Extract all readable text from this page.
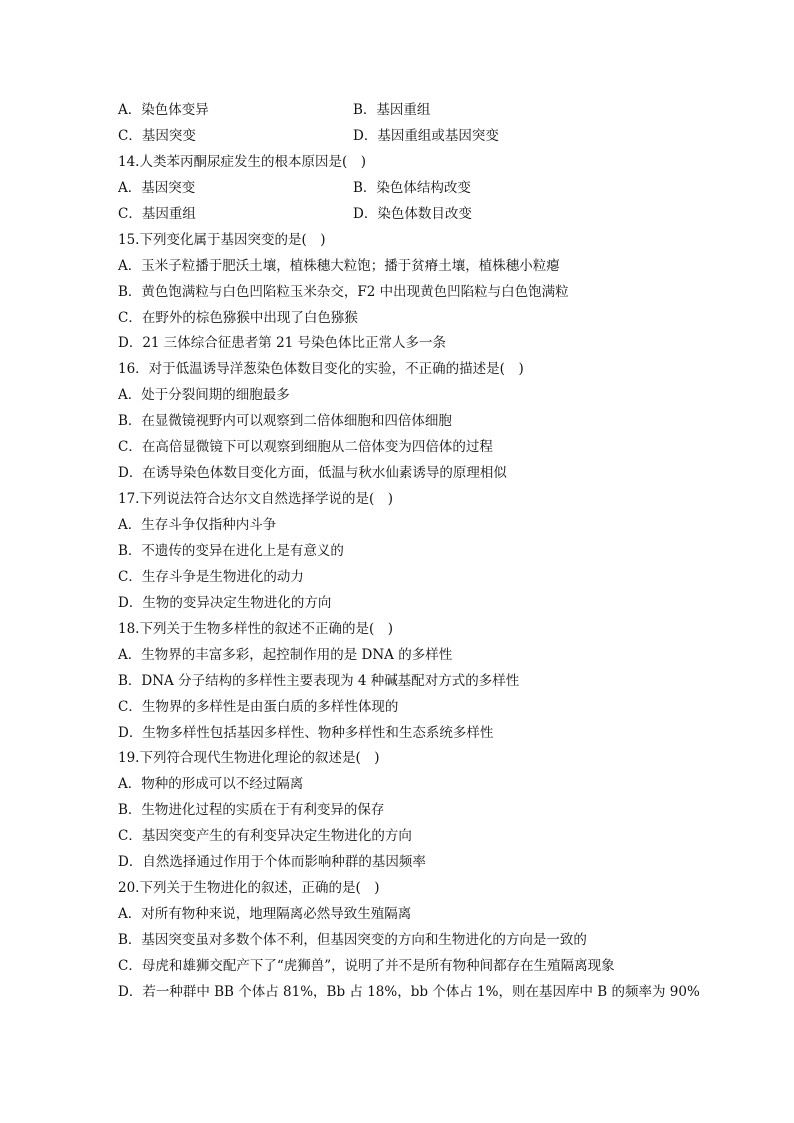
A．染色体变异	B．基因重组
C．基因突变	D．基因重组或基因突变
14.人类苯丙酮尿症发生的根本原因是(　)
A．基因突变	B．染色体结构改变
C．基因重组	D．染色体数目改变
15.下列变化属于基因突变的是(　)
A．玉米子粒播于肥沃土壤，植株穗大粒饱；播于贫瘠土壤，植株穗小粒瘪
B．黄色饱满粒与白色凹陷粒玉米杂交，F2 中出现黄色凹陷粒与白色饱满粒
C．在野外的棕色猕猴中出现了白色猕猴
D．21 三体综合征患者第 21 号染色体比正常人多一条
16．对于低温诱导洋葱染色体数目变化的实验，不正确的描述是(　)
A．处于分裂间期的细胞最多
B．在显微镜视野内可以观察到二倍体细胞和四倍体细胞
C．在高倍显微镜下可以观察到细胞从二倍体变为四倍体的过程
D．在诱导染色体数目变化方面，低温与秋水仙素诱导的原理相似
17.下列说法符合达尔文自然选择学说的是(　)
A．生存斗争仅指种内斗争
B．不遗传的变异在进化上是有意义的
C．生存斗争是生物进化的动力
D．生物的变异决定生物进化的方向
18.下列关于生物多样性的叙述不正确的是(　)
A．生物界的丰富多彩，起控制作用的是 DNA 的多样性
B．DNA 分子结构的多样性主要表现为 4 种碱基配对方式的多样性
C．生物界的多样性是由蛋白质的多样性体现的
D．生物多样性包括基因多样性、物种多样性和生态系统多样性
19.下列符合现代生物进化理论的叙述是(　)
A．物种的形成可以不经过隔离
B．生物进化过程的实质在于有利变异的保存
C．基因突变产生的有利变异决定生物进化的方向
D．自然选择通过作用于个体而影响种群的基因频率
20.下列关于生物进化的叙述，正确的是(　)
A．对所有物种来说，地理隔离必然导致生殖隔离
B．基因突变虽对多数个体不利，但基因突变的方向和生物进化的方向是一致的
C．母虎和雄狮交配产下了“虎狮兽”，说明了并不是所有物种间都存在生殖隔离现象
D．若一种群中 BB 个体占 81%，Bb 占 18%，bb 个体占 1%，则在基因库中 B 的频率为 90%
